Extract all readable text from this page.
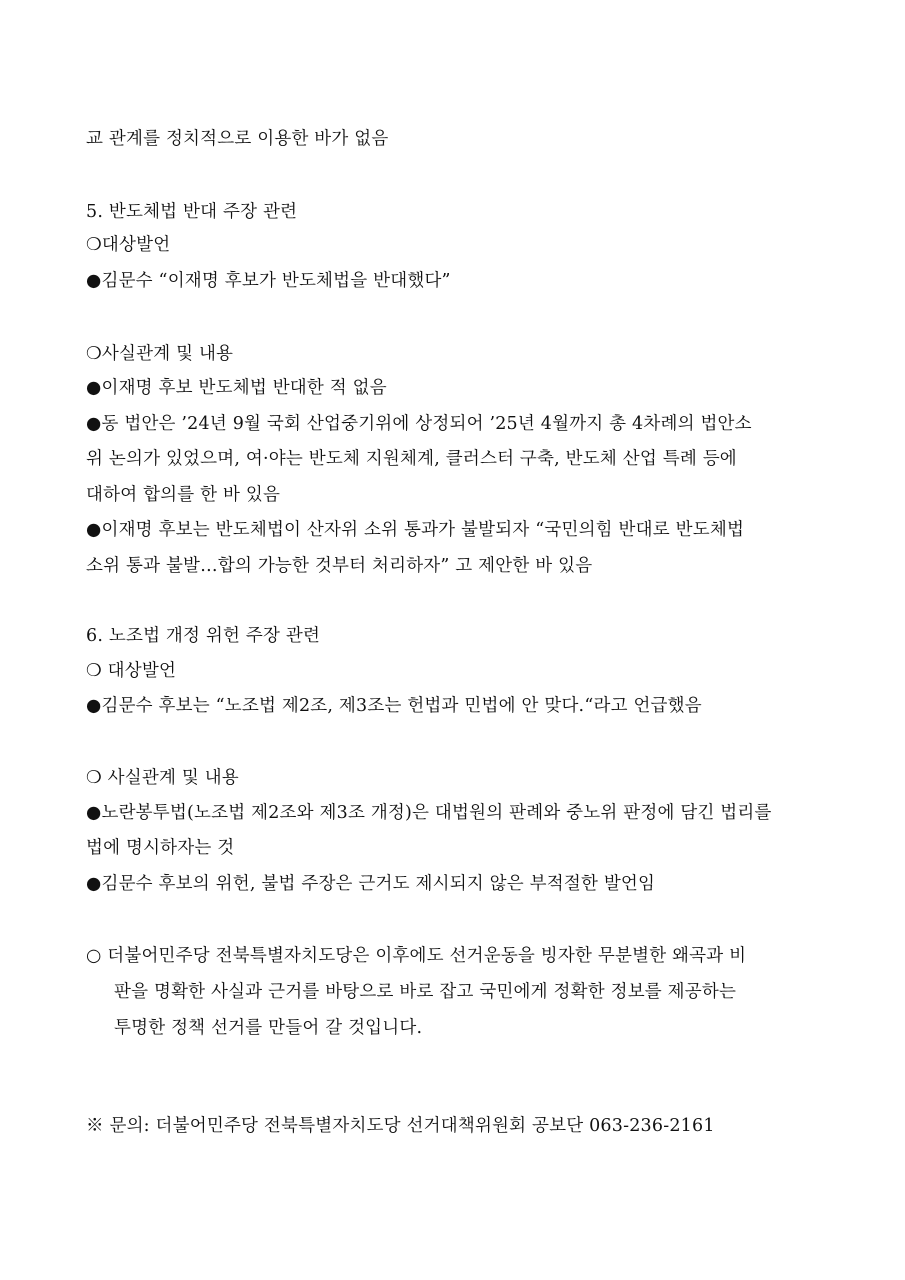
교 관계를 정치적으로 이용한 바가 없음
5. 반도체법 반대 주장 관련
❍대상발언
●김문수 “이재명 후보가 반도체법을 반대했다”
❍사실관계 및 내용
●이재명 후보 반도체법 반대한 적 없음
●동 법안은 ’24년 9월 국회 산업중기위에 상정되어 ’25년 4월까지 총 4차례의 법안소
위 논의가 있었으며, 여·야는 반도체 지원체계, 클러스터 구축, 반도체 산업 특례 등에
대하여 합의를 한 바 있음
●이재명 후보는 반도체법이 산자위 소위 통과가 불발되자 “국민의힘 반대로 반도체법
소위 통과 불발…합의 가능한 것부터 처리하자” 고 제안한 바 있음
6. 노조법 개정 위헌 주장 관련
❍ 대상발언
●김문수 후보는 “노조법 제2조, 제3조는 헌법과 민법에 안 맞다.“라고 언급했음
❍ 사실관계 및 내용
●노란봉투법(노조법 제2조와 제3조 개정)은 대법원의 판례와 중노위 판정에 담긴 법리를
법에 명시하자는 것
●김문수 후보의 위헌, 불법 주장은 근거도 제시되지 않은 부적절한 발언임
○ 더불어민주당 전북특별자치도당은 이후에도 선거운동을 빙자한 무분별한 왜곡과 비
판을 명확한 사실과 근거를 바탕으로 바로 잡고 국민에게 정확한 정보를 제공하는
투명한 정책 선거를 만들어 갈 것입니다.
※ 문의: 더불어민주당 전북특별자치도당 선거대책위원회 공보단 063-236-2161
